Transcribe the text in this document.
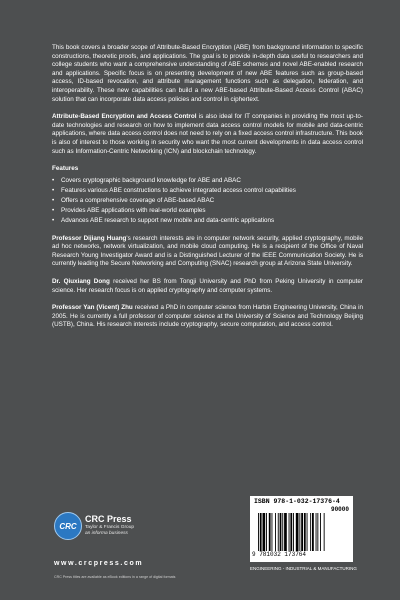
This book covers a broader scope of Attribute-Based Encryption (ABE) from background information to specific constructions, theoretic proofs, and applications. The goal is to provide in-depth data useful to researchers and college students who want a comprehensive understanding of ABE schemes and novel ABE-enabled research and applications. Specific focus is on presenting development of new ABE features such as group-based access, ID-based revocation, and attribute management functions such as delegation, federation, and interoperability. These new capabilities can build a new ABE-based Attribute-Based Access Control (ABAC) solution that can incorporate data access policies and control in ciphertext.

Attribute-Based Encryption and Access Control is also ideal for IT companies in providing the most up-to-date technologies and research on how to implement data access control models for mobile and data-centric applications, where data access control does not need to rely on a fixed access control infrastructure. This book is also of interest to those working in security who want the most current developments in data access control such as Information-Centric Networking (ICN) and blockchain technology.

Features

• Covers cryptographic background knowledge for ABE and ABAC
• Features various ABE constructions to achieve integrated access control capabilities
• Offers a comprehensive coverage of ABE-based ABAC
• Provides ABE applications with real-world examples
• Advances ABE research to support new mobile and data-centric applications

Professor Dijiang Huang's research interests are in computer network security, applied cryptography, mobile ad hoc networks, network virtualization, and mobile cloud computing. He is a recipient of the Office of Naval Research Young Investigator Award and is a Distinguished Lecturer of the IEEE Communication Society. He is currently leading the Secure Networking and Computing (SNAC) research group at Arizona State University.

Dr. Qiuxiang Dong received her BS from Tongji University and PhD from Peking University in computer science. Her research focus is on applied cryptography and computer systems.

Professor Yan (Vicent) Zhu received a PhD in computer science from Harbin Engineering University, China in 2005. He is currently a full professor of computer science at the University of Science and Technology Beijing (USTB), China. His research interests include cryptography, secure computation, and access control.

CRC
CRC Press
Taylor & Francis Group
an informa business
www.crcpress.com
CRC Press titles are available as eBook editions in a range of digital formats
ISBN 978-1-032-17376-4
90000
9 781032 173764
ENGINEERING - INDUSTRIAL & MANUFACTURING
